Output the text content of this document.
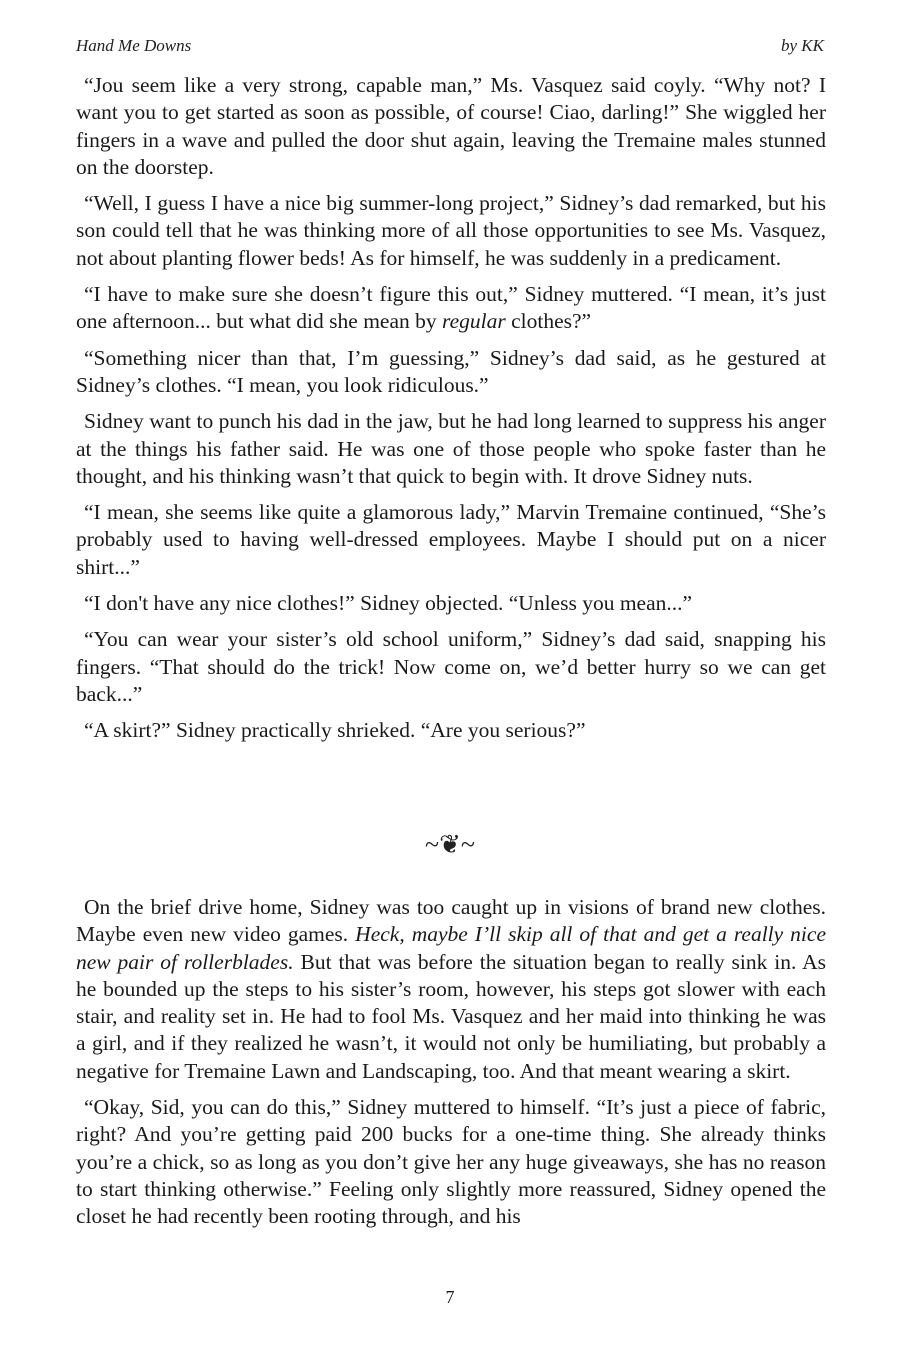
Hand Me Downs	by KK

“Jou seem like a very strong, capable man,” Ms. Vasquez said coyly. “Why not? I want you to get started as soon as possible, of course! Ciao, darling!” She wiggled her fingers in a wave and pulled the door shut again, leaving the Tremaine males stunned on the doorstep.

“Well, I guess I have a nice big summer-long project,” Sidney’s dad remarked, but his son could tell that he was thinking more of all those opportunities to see Ms. Vasquez, not about planting flower beds! As for himself, he was suddenly in a predicament.

“I have to make sure she doesn’t figure this out,” Sidney muttered. “I mean, it’s just one afternoon... but what did she mean by regular clothes?”

“Something nicer than that, I’m guessing,” Sidney’s dad said, as he gestured at Sidney’s clothes. “I mean, you look ridiculous.”

Sidney want to punch his dad in the jaw, but he had long learned to suppress his anger at the things his father said. He was one of those people who spoke faster than he thought, and his thinking wasn’t that quick to begin with. It drove Sidney nuts.

“I mean, she seems like quite a glamorous lady,” Marvin Tremaine continued, “She’s probably used to having well-dressed employees. Maybe I should put on a nicer shirt...”

“I don't have any nice clothes!” Sidney objected. “Unless you mean...”

“You can wear your sister’s old school uniform,” Sidney’s dad said, snapping his fingers. “That should do the trick! Now come on, we’d better hurry so we can get back...”

“A skirt?” Sidney practically shrieked. “Are you serious?”

~❦~

On the brief drive home, Sidney was too caught up in visions of brand new clothes. Maybe even new video games. Heck, maybe I’ll skip all of that and get a really nice new pair of rollerblades. But that was before the situation began to really sink in. As he bounded up the steps to his sister’s room, however, his steps got slower with each stair, and reality set in. He had to fool Ms. Vasquez and her maid into thinking he was a girl, and if they realized he wasn’t, it would not only be humiliating, but probably a negative for Tremaine Lawn and Landscaping, too. And that meant wearing a skirt.

“Okay, Sid, you can do this,” Sidney muttered to himself. “It’s just a piece of fabric, right? And you’re getting paid 200 bucks for a one-time thing. She already thinks you’re a chick, so as long as you don’t give her any huge giveaways, she has no reason to start thinking otherwise.” Feeling only slightly more reassured, Sidney opened the closet he had recently been rooting through, and his

7
